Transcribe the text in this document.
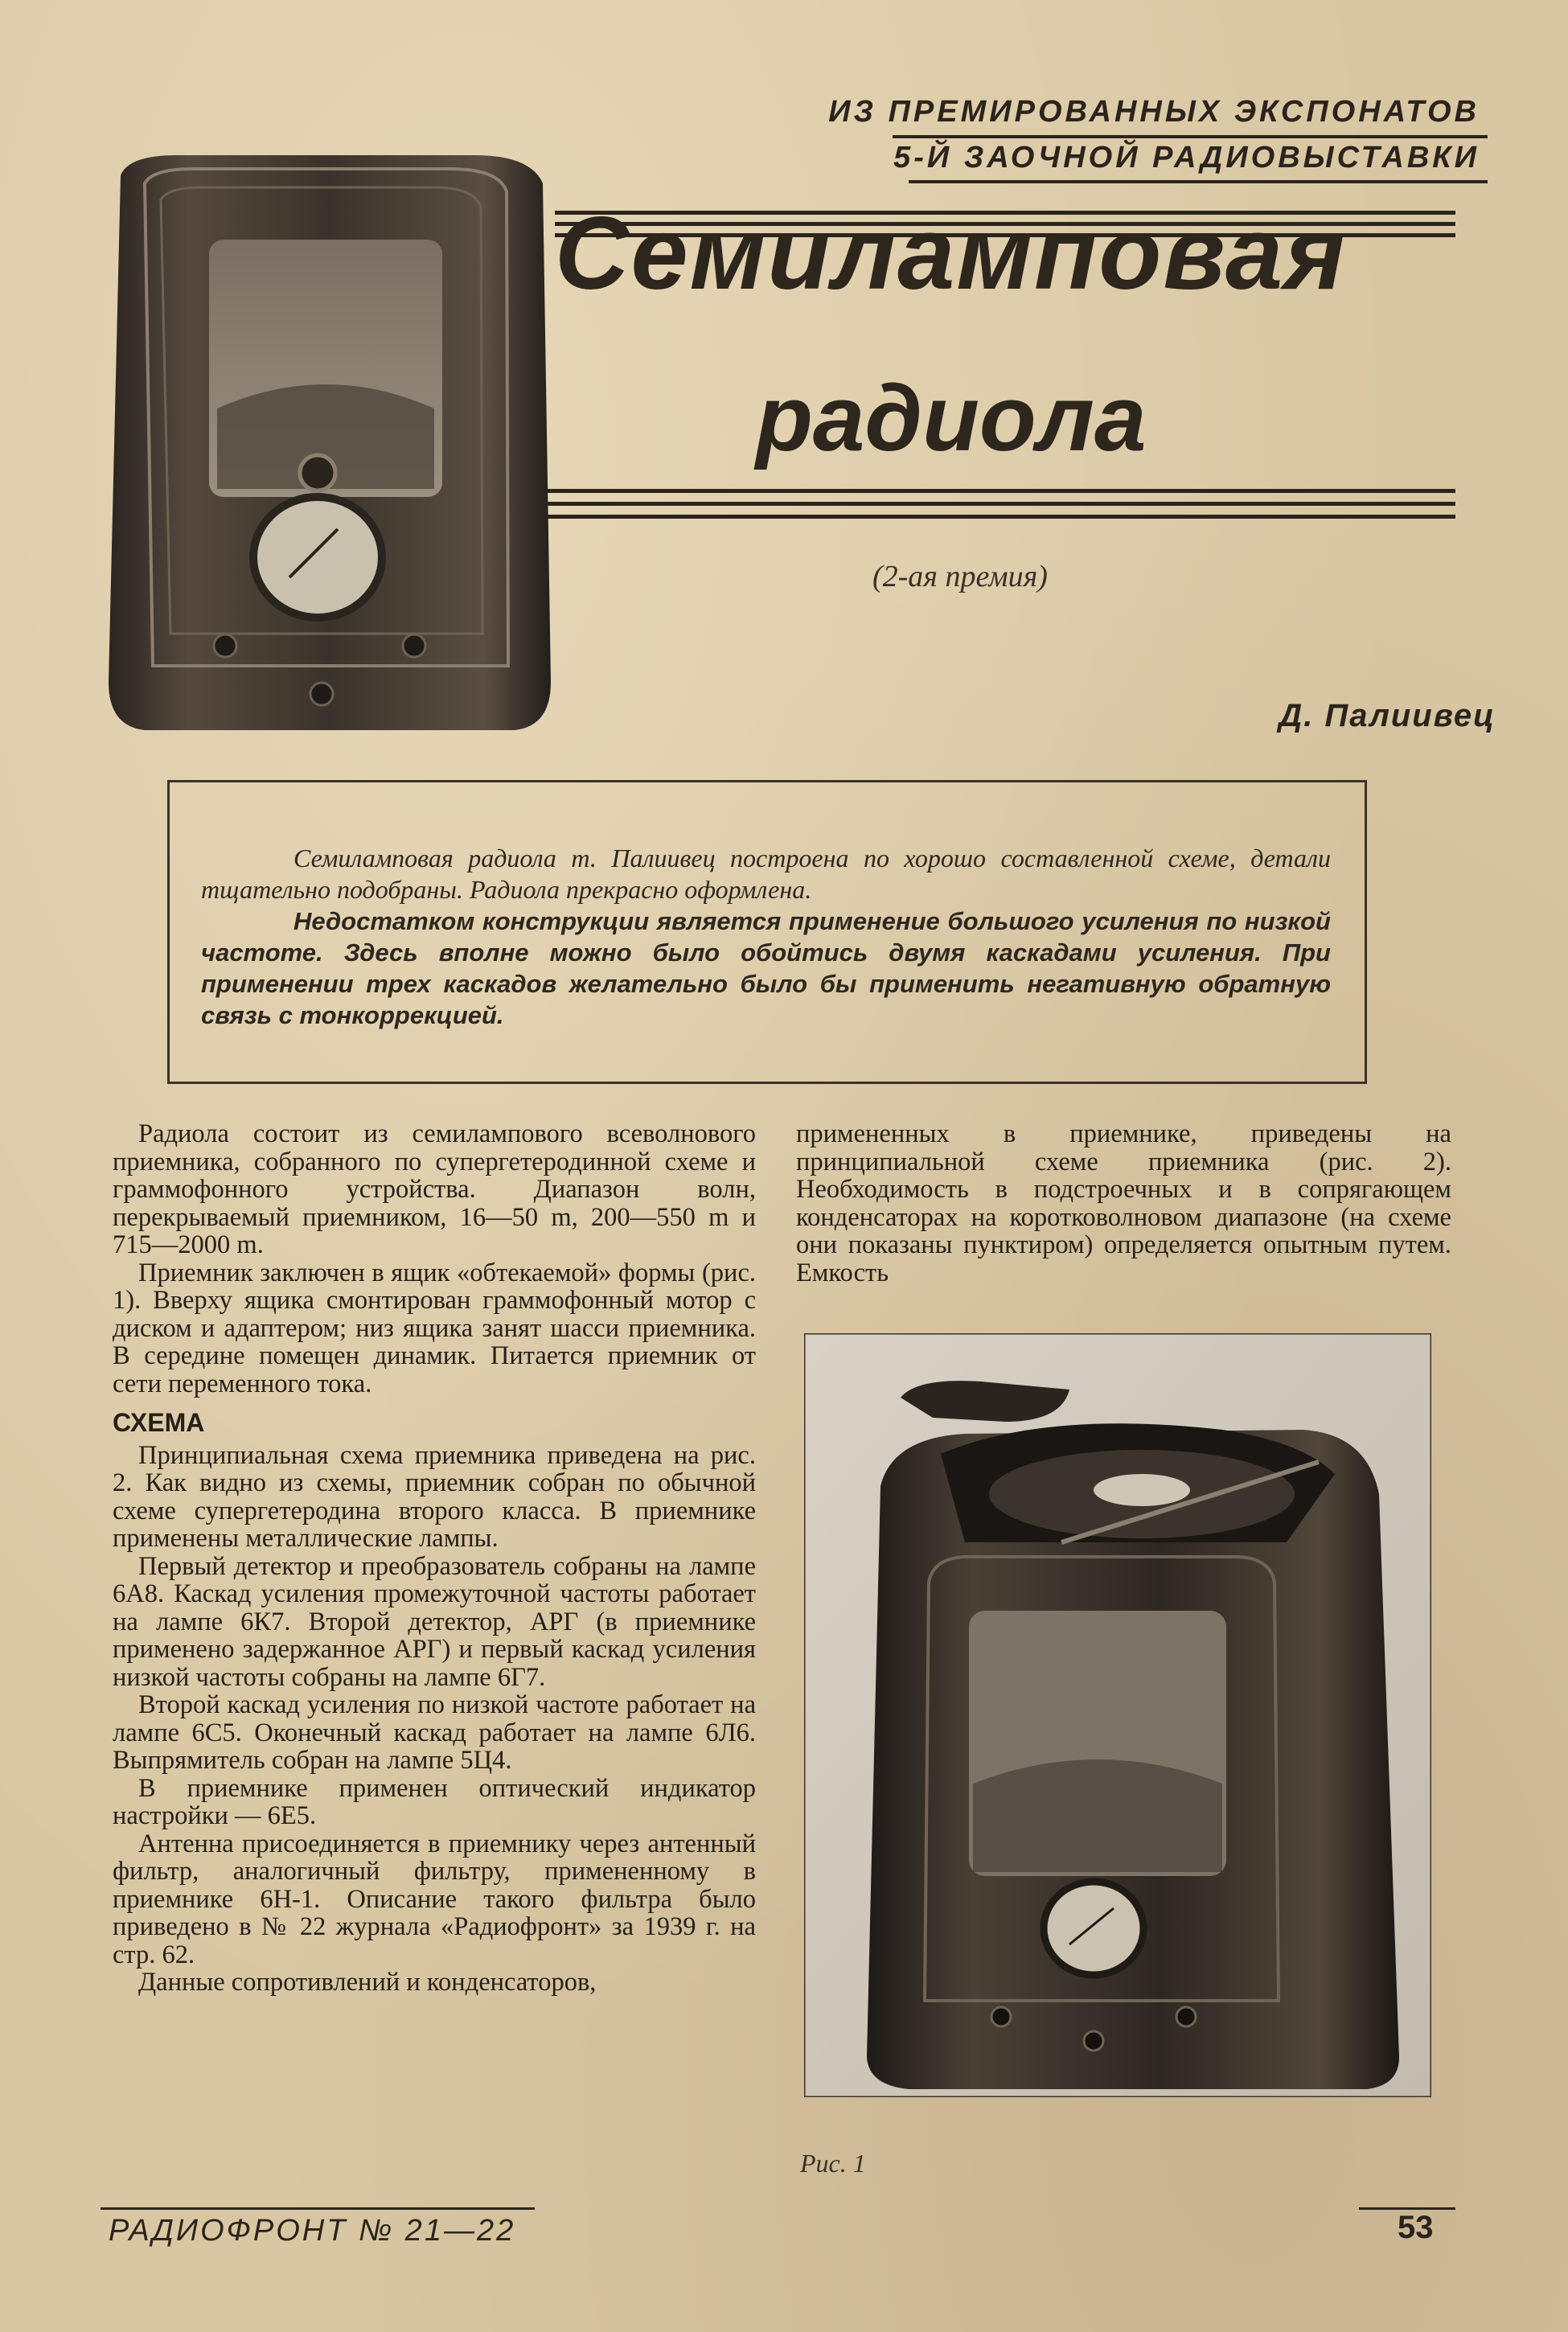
ИЗ ПРЕМИРОВАННЫХ ЭКСПОНАТОВ
5-Й ЗАОЧНОЙ РАДИОВЫСТАВКИ
Семиламповая
радиола
(2-ая премия)
Д. Палиивец

Семиламповая радиола т. Палиивец построена по хорошо составленной схеме, детали тщательно подобраны. Радиола прекрасно оформлена.

Недостатком конструкции является применение большого усиления по низкой частоте. Здесь вполне можно было обойтись двумя каскадами усиления. При применении трех каскадов желательно было бы применить негативную обратную связь с тонкоррекцией.

Радиола состоит из семилампового всеволнового приемника, собранного по супергетеродинной схеме и граммофонного устройства. Диапазон волн, перекрываемый приемником, 16—50 m, 200—550 m и 715—2000 m.

Приемник заключен в ящик «обтекаемой» формы (рис. 1). Вверху ящика смонтирован граммофонный мотор с диском и адаптером; низ ящика занят шасси приемника. В середине помещен динамик. Питается приемник от сети переменного тока.

СХЕМА

Принципиальная схема приемника приведена на рис. 2. Как видно из схемы, приемник собран по обычной схеме супергетеродина второго класса. В приемнике применены металлические лампы.

Первый детектор и преобразователь собраны на лампе 6А8. Каскад усиления промежуточной частоты работает на лампе 6К7. Второй детектор, АРГ (в приемнике применено задержанное АРГ) и первый каскад усиления низкой частоты собраны на лампе 6Г7.

Второй каскад усиления по низкой частоте работает на лампе 6С5. Оконечный каскад работает на лампе 6Л6. Выпрямитель собран на лампе 5Ц4.

В приемнике применен оптический индикатор настройки — 6Е5.

Антенна присоединяется в приемнику через антенный фильтр, аналогичный фильтру, примененному в приемнике 6Н-1. Описание такого фильтра было приведено в № 22 журнала «Радиофронт» за 1939 г. на стр. 62.

Данные сопротивлений и конденсаторов,

примененных в приемнике, приведены на принципиальной схеме приемника (рис. 2). Необходимость в подстроечных и в сопрягающем конденсаторах на коротковолновом диапазоне (на схеме они показаны пунктиром) определяется опытным путем. Емкость

Рис. 1
РАДИОФРОНТ № 21—22	53
